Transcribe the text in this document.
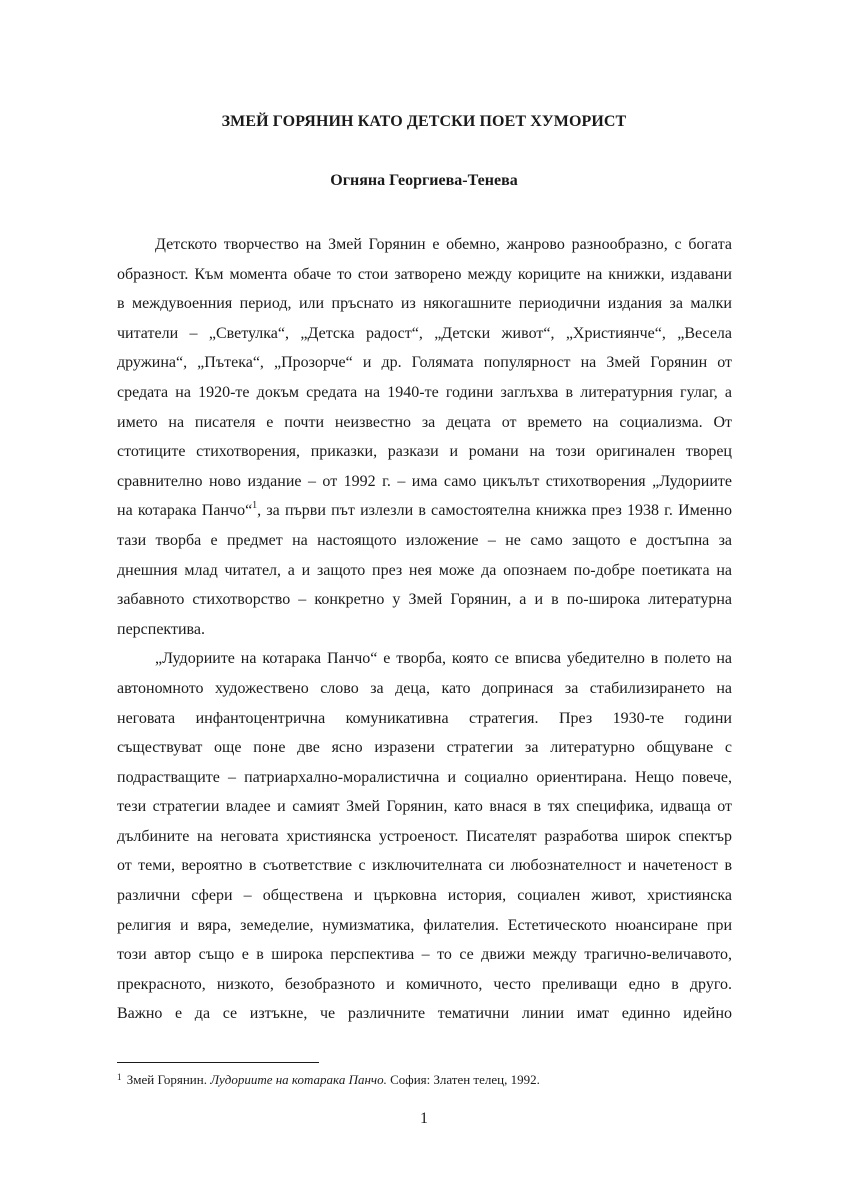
ЗМЕЙ ГОРЯНИН КАТО ДЕТСКИ ПОЕТ ХУМОРИСТ
Огняна Георгиева-Тенева
Детското творчество на Змей Горянин е обемно, жанрово разнообразно, с богата
образност. Към момента обаче то стои затворено между кориците на книжки, издавани
в междувоенния период, или пръснато из някогашните периодични издания за малки
читатели – „Светулка“, „Детска радост“, „Детски живот“, „Християнче“, „Весела
дружина“, „Пътека“, „Прозорче“ и др. Голямата популярност на Змей Горянин от
средата на 1920-те докъм средата на 1940-те години заглъхва в литературния гулаг, а
името на писателя е почти неизвестно за децата от времето на социализма. От
стотиците стихотворения, приказки, разкази и романи на този оригинален творец
сравнително ново издание – от 1992 г. – има само цикълът стихотворения „Лудориите
на котарака Панчо“$^1$, за първи път излезли в самостоятелна книжка през 1938 г. Именно
тази творба е предмет на настоящото изложение – не само защото е достъпна за
днешния млад читател, а и защото през нея може да опознаем по-добре поетиката на
забавното стихотворство – конкретно у Змей Горянин, а и в по-широка литературна
перспектива.
„Лудориите на котарака Панчо“ е творба, която се вписва убедително в полето на
автономното художествено слово за деца, като допринася за стабилизирането на
неговата инфантоцентрична комуникативна стратегия. През 1930-те години
съществуват още поне две ясно изразени стратегии за литературно общуване с
подрастващите – патриархално-моралистична и социално ориентирана. Нещо повече,
тези стратегии владее и самият Змей Горянин, като внася в тях специфика, идваща от
дълбините на неговата християнска устроеност. Писателят разработва широк спектър
от теми, вероятно в съответствие с изключителната си любознателност и начетеност в
различни сфери – обществена и църковна история, социален живот, християнска
религия и вяра, земеделие, нумизматика, филателия. Естетическото нюансиране при
този автор също е в широка перспектива – то се движи между трагично-величавото,
прекрасното, низкото, безобразното и комичното, често преливащи едно в друго.
Важно е да се изтъкне, че различните тематични линии имат единно идейно
$^1$ Змей Горянин. Лудориите на котарака Панчо. София: Златен телец, 1992.
1
